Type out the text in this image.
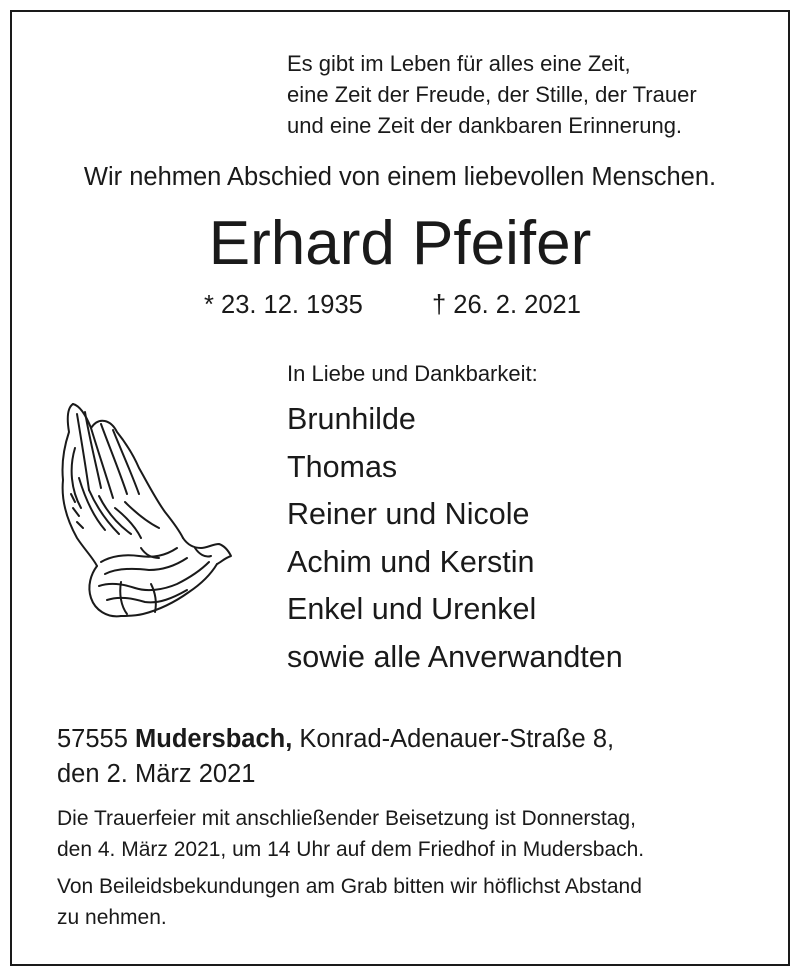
Es gibt im Leben für alles eine Zeit,
eine Zeit der Freude, der Stille, der Trauer
und eine Zeit der dankbaren Erinnerung.
Wir nehmen Abschied von einem liebevollen Menschen.
Erhard Pfeifer
* 23. 12. 1935	† 26. 2. 2021
In Liebe und Dankbarkeit:
Brunhilde
Thomas
Reiner und Nicole
Achim und Kerstin
Enkel und Urenkel
sowie alle Anverwandten
57555 Mudersbach, Konrad-Adenauer-Straße 8,
den 2. März 2021
Die Trauerfeier mit anschließender Beisetzung ist Donnerstag,
den 4. März 2021, um 14 Uhr auf dem Friedhof in Mudersbach.
Von Beileidsbekundungen am Grab bitten wir höflichst Abstand
zu nehmen.
